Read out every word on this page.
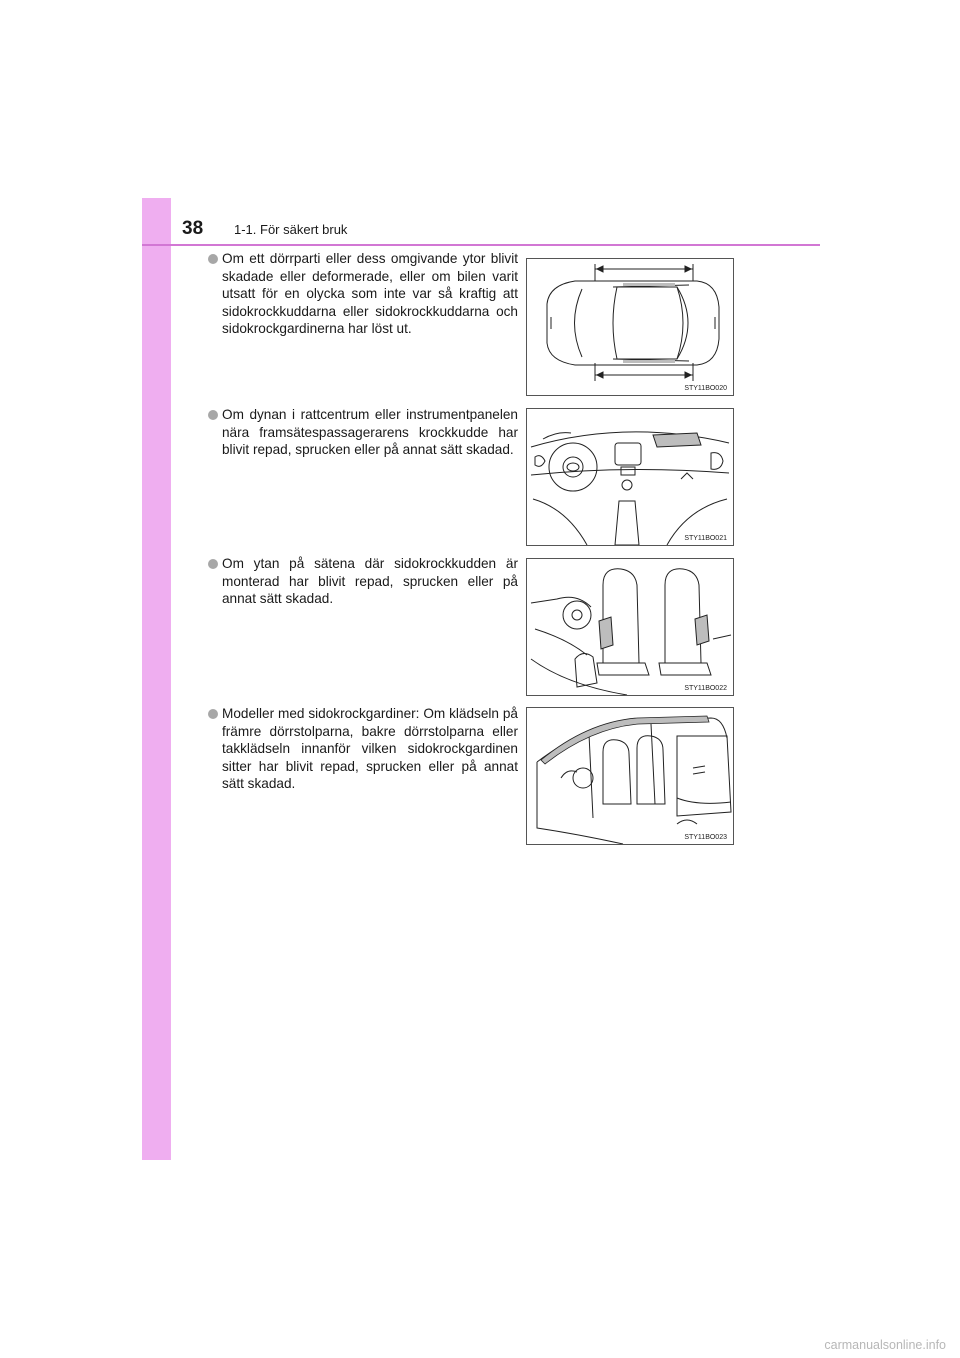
38 1-1. För säkert bruk
Om ett dörrparti eller dess omgivande ytor blivit skadade eller deformerade, eller om bilen varit utsatt för en olycka som inte var så kraftig att sidokrockkuddarna eller sidokrockkuddarna och sidokrockgardinerna har löst ut.
STY11BO020
Om dynan i rattcentrum eller instrumentpanelen nära framsätespassagerarens krockkudde har blivit repad, sprucken eller på annat sätt skadad.
STY11BO021
Om ytan på sätena där sidokrockkudden är monterad har blivit repad, sprucken eller på annat sätt skadad.
STY11BO022
Modeller med sidokrockgardiner: Om klädseln på främre dörrstolparna, bakre dörrstolparna eller takklädseln innanför vilken sidokrockgardinen sitter har blivit repad, sprucken eller på annat sätt skadad.
STY11BO023
carmanualsonline.info
